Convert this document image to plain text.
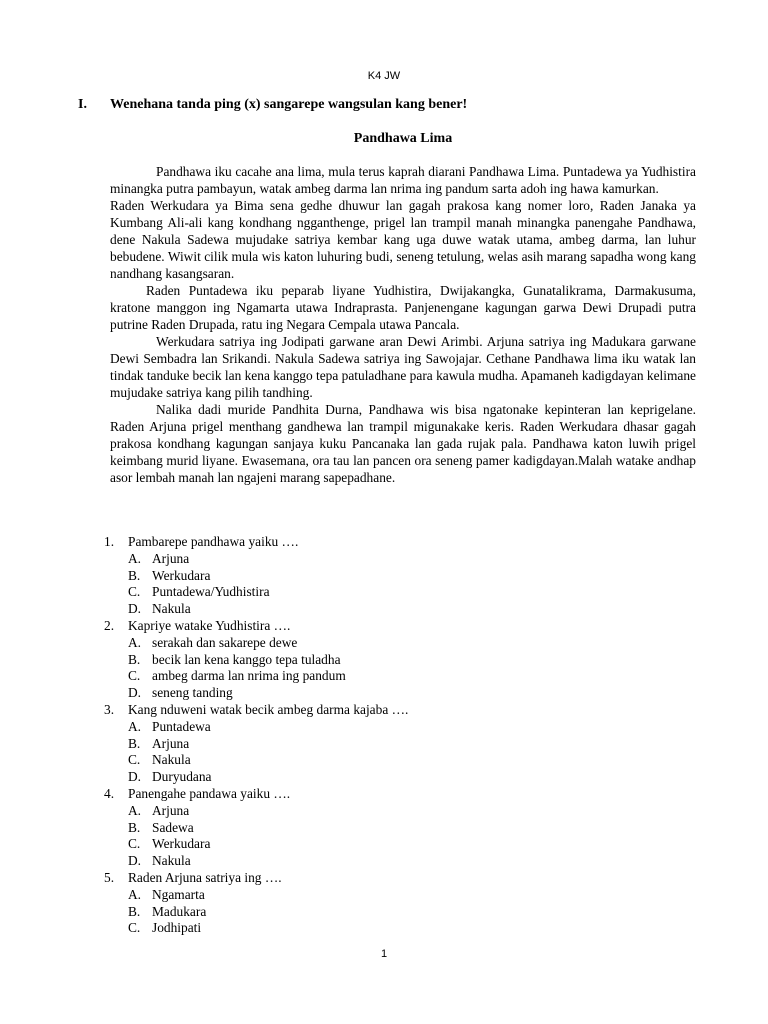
K4 JW
I.	Wenehana tanda ping (x) sangarepe wangsulan kang bener!
Pandhawa Lima

Pandhawa iku cacahe ana lima, mula terus kaprah diarani Pandhawa Lima. Puntadewa ya Yudhistira minangka putra pambayun, watak ambeg darma lan nrima ing pandum sarta adoh ing hawa kamurkan.

Raden Werkudara ya Bima sena gedhe dhuwur lan gagah prakosa kang nomer loro, Raden Janaka ya Kumbang Ali-ali kang kondhang ngganthenge, prigel lan trampil manah minangka panengahe Pandhawa, dene Nakula Sadewa mujudake satriya kembar kang uga duwe watak utama, ambeg darma, lan luhur bebudene. Wiwit cilik mula wis katon luhuring budi, seneng tetulung, welas asih marang sapadha wong kang nandhang kasangsaran.

Raden Puntadewa iku peparab liyane Yudhistira, Dwijakangka, Gunatalikrama, Darmakusuma, kratone manggon ing Ngamarta utawa Indraprasta. Panjenengane kagungan garwa Dewi Drupadi putra putrine Raden Drupada, ratu ing Negara Cempala utawa Pancala.

Werkudara satriya ing Jodipati garwane aran Dewi Arimbi. Arjuna satriya ing Madukara garwane Dewi Sembadra lan Srikandi. Nakula Sadewa satriya ing Sawojajar. Cethane Pandhawa lima iku watak lan tindak tanduke becik lan kena kanggo tepa patuladhane para kawula mudha. Apamaneh kadigdayan kelimane mujudake satriya kang pilih tandhing.

Nalika dadi muride Pandhita Durna, Pandhawa wis bisa ngatonake kepinteran lan keprigelane. Raden Arjuna prigel menthang gandhewa lan trampil migunakake keris. Raden Werkudara dhasar gagah prakosa kondhang kagungan sanjaya kuku Pancanaka lan gada rujak pala. Pandhawa katon luwih prigel keimbang murid liyane. Ewasemana, ora tau lan pancen ora seneng pamer kadigdayan.Malah watake andhap asor lembah manah lan ngajeni marang sapepadhane.

1.	Pambarepe pandhawa yaiku ….
A. Arjuna
B. Werkudara
C. Puntadewa/Yudhistira
D. Nakula
2.	Kapriye watake Yudhistira ….
A. serakah dan sakarepe dewe
B. becik lan kena kanggo tepa tuladha
C. ambeg darma lan nrima ing pandum
D. seneng tanding
3.	Kang nduweni watak becik ambeg darma kajaba ….
A. Puntadewa
B. Arjuna
C. Nakula
D. Duryudana
4.	Panengahe pandawa yaiku ….
A. Arjuna
B. Sadewa
C. Werkudara
D. Nakula
5.	Raden Arjuna satriya ing ….
A. Ngamarta
B. Madukara
C. Jodhipati
1
